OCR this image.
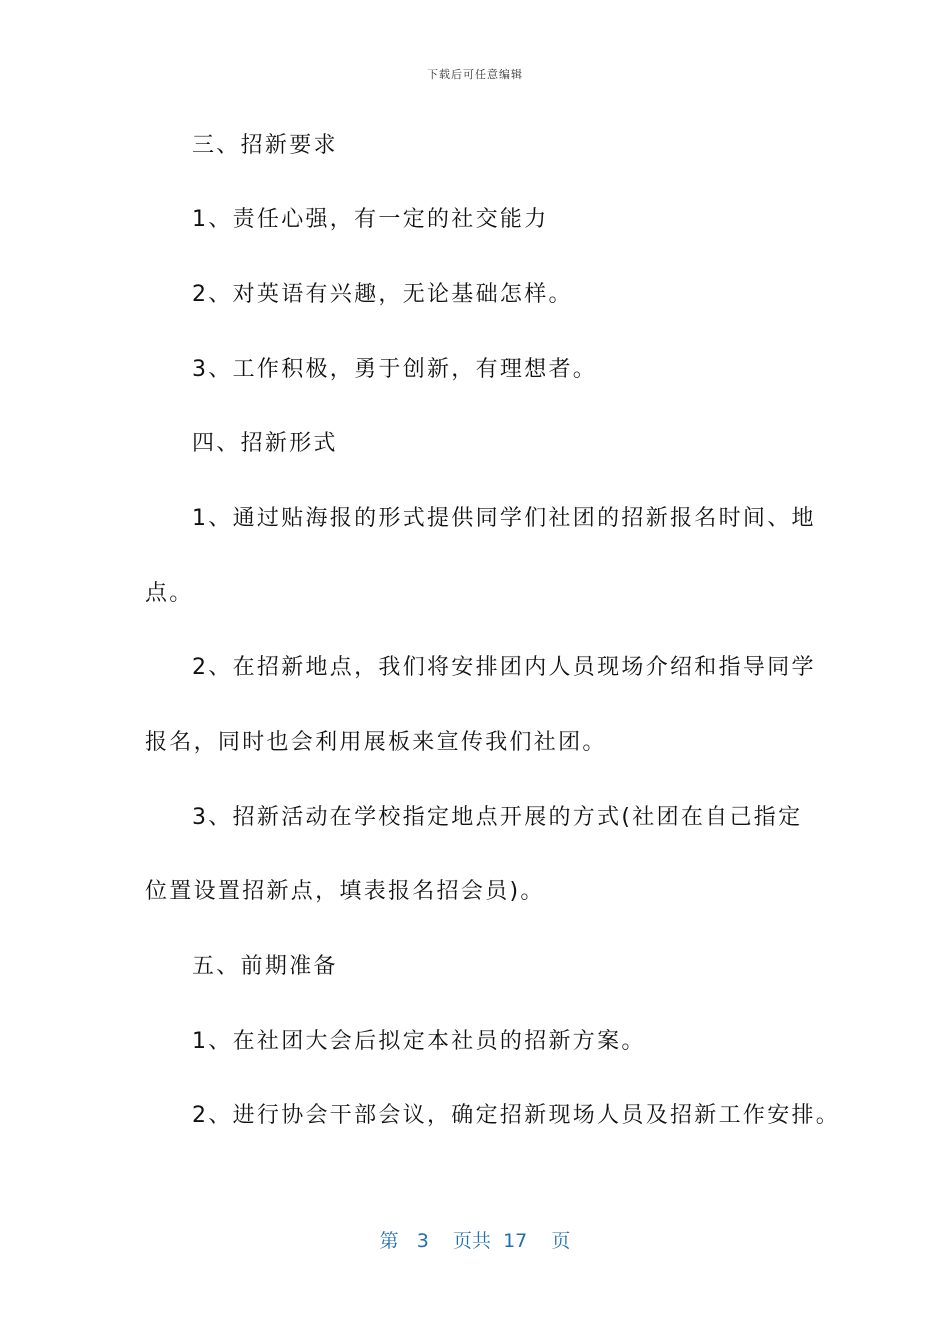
下载后可任意编辑
三、招新要求
1、责任心强，有一定的社交能力
2、对英语有兴趣，无论基础怎样。
3、工作积极，勇于创新，有理想者。
四、招新形式
1、通过贴海报的形式提供同学们社团的招新报名时间、地
点。
2、在招新地点，我们将安排团内人员现场介绍和指导同学
报名，同时也会利用展板来宣传我们社团。
3、招新活动在学校指定地点开展的方式(社团在自己指定
位置设置招新点，填表报名招会员)。
五、前期准备
1、在社团大会后拟定本社员的招新方案。
2、进行协会干部会议，确定招新现场人员及招新工作安排。
第 3 页共 17 页
